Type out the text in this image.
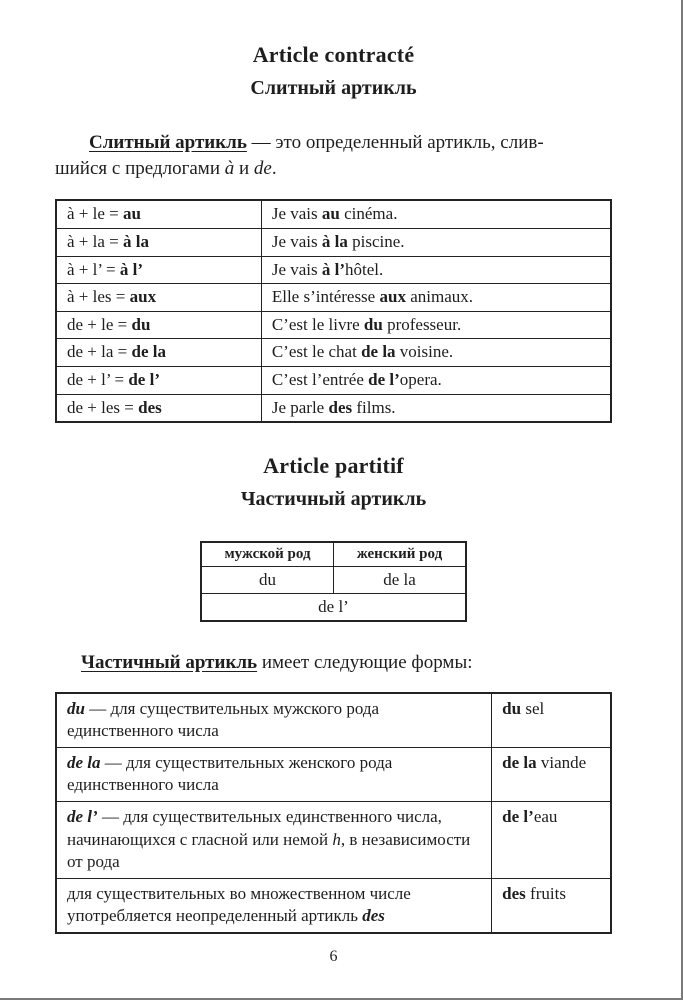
Article contracté
Слитный артикль

Слитный артикль — это определенный артикль, слив-
шийся с предлогами à и de.

à + le = au	Je vais au cinéma.
à + la = à la	Je vais à la piscine.
à + l’ = à l’	Je vais à l’hôtel.
à + les = aux	Elle s’intéresse aux animaux.
de + le = du	C’est le livre du professeur.
de + la = de la	C’est le chat de la voisine.
de + l’ = de l’	C’est l’entrée de l’opera.
de + les = des	Je parle des films.
Article partitif
Частичный артикль
мужской род	женский род
du	de la
de l’	

Частичный артикль имеет следующие формы:

du — для существительных мужского рода единственного числа	du sel
de la — для существительных женского рода единственного числа	de la viande
de l’ — для существительных единственного числа, начинающихся с гласной или немой h, в независимости от рода	de l’eau
для существительных во множественном числе употребляется неопределенный артикль des	des fruits
6
